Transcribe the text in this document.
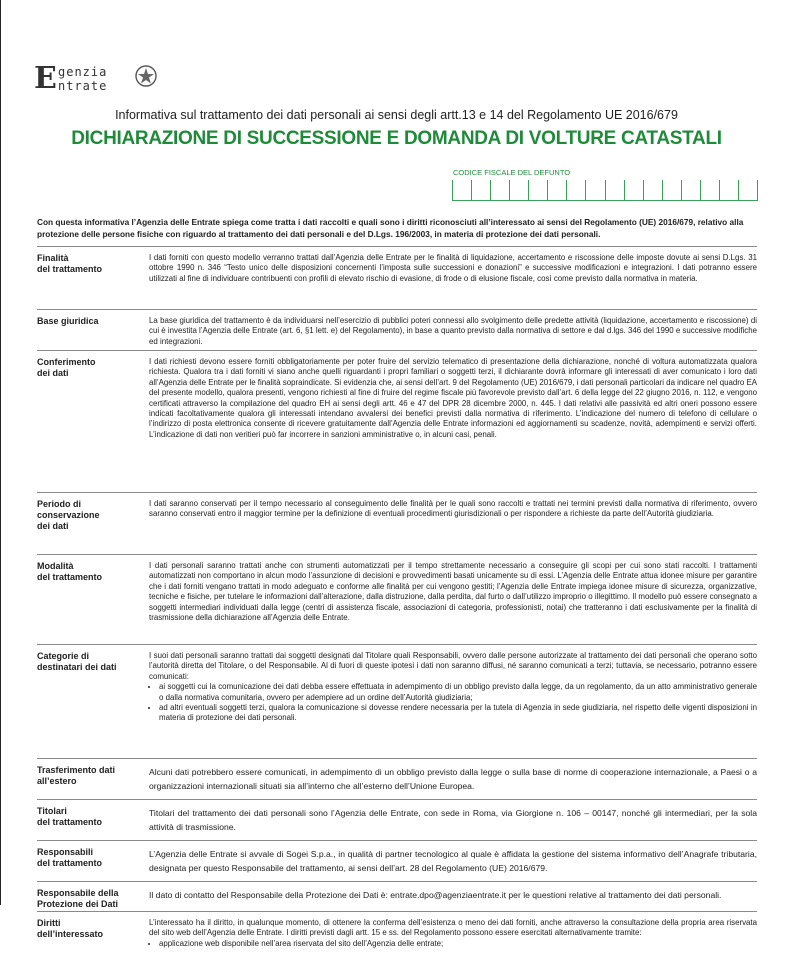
E genzia
ntrate
Informativa sul trattamento dei dati personali ai sensi degli artt.13 e 14 del Regolamento UE 2016/679
DICHIARAZIONE DI SUCCESSIONE E DOMANDA DI VOLTURE CATASTALI
CODICE FISCALE DEL DEFUNTO
Con questa informativa l’Agenzia delle Entrate spiega come tratta i dati raccolti e quali sono i diritti riconosciuti all’interessato ai sensi del Regolamento (UE) 2016/679, relativo alla protezione delle persone fisiche con riguardo al trattamento dei dati personali e del D.Lgs. 196/2003, in materia di protezione dei dati personali.
Finalità
del trattamento
I dati forniti con questo modello verranno trattati dall’Agenzia delle Entrate per le finalità di liquidazione, accertamento e riscossione delle imposte dovute ai sensi D.Lgs. 31 ottobre 1990 n. 346 “Testo unico delle disposizioni concernenti l’imposta sulle successioni e donazioni” e successive modificazioni e integrazioni. I dati potranno essere utilizzati al fine di individuare contribuenti con profili di elevato rischio di evasione, di frode o di elusione fiscale, così come previsto dalla normativa in materia.
Base giuridica	La base giuridica del trattamento è da individuarsi nell’esercizio di pubblici poteri connessi allo svolgimento delle predette attività (liquidazione, accertamento e riscossione) di cui è investita l’Agenzia delle Entrate (art. 6, §1 lett. e) del Regolamento), in base a quanto previsto dalla normativa di settore e dal d.lgs. 346 del 1990 e successive modifiche ed integrazioni.
Conferimento
dei dati
I dati richiesti devono essere forniti obbligatoriamente per poter fruire del servizio telematico di presentazione della dichiarazione, nonché di voltura automatizzata qualora richiesta. Qualora tra i dati forniti vi siano anche quelli riguardanti i propri familiari o soggetti terzi, il dichiarante dovrà informare gli interessati di aver comunicato i loro dati all’Agenzia delle Entrate per le finalità sopraindicate. Si evidenzia che, ai sensi dell’art. 9 del Regolamento (UE) 2016/679, i dati personali particolari da indicare nel quadro EA del presente modello, qualora presenti, vengono richiesti al fine di fruire del regime fiscale più favorevole previsto dall’art. 6 della legge del 22 giugno 2016, n. 112, e vengono certificati attraverso la compilazione del quadro EH ai sensi degli artt. 46 e 47 del DPR 28 dicembre 2000, n. 445. I dati relativi alle passività ed altri oneri possono essere indicati facoltativamente qualora gli interessati intendano avvalersi dei benefici previsti dalla normativa di riferimento. L’indicazione del numero di telefono di cellulare o l’indirizzo di posta elettronica consente di ricevere gratuitamente dall’Agenzia delle Entrate informazioni ed aggiornamenti su scadenze, novità, adempimenti e servizi offerti. L’indicazione di dati non veritieri può far incorrere in sanzioni amministrative o, in alcuni casi, penali.
Periodo di
conservazione
dei dati
I dati saranno conservati per il tempo necessario al conseguimento delle finalità per le quali sono raccolti e trattati nei termini previsti dalla normativa di riferimento, ovvero saranno conservati entro il maggior termine per la definizione di eventuali procedimenti giurisdizionali o per rispondere a richieste da parte dell’Autorità giudiziaria.
Modalità
del trattamento
I dati personali saranno trattati anche con strumenti automatizzati per il tempo strettamente necessario a conseguire gli scopi per cui sono stati raccolti. I trattamenti automatizzati non comportano in alcun modo l’assunzione di decisioni e provvedimenti basati unicamente su di essi. L’Agenzia delle Entrate attua idonee misure per garantire che i dati forniti vengano trattati in modo adeguato e conforme alle finalità per cui vengono gestiti; l’Agenzia delle Entrate impiega idonee misure di sicurezza, organizzative, tecniche e fisiche, per tutelare le informazioni dall’alterazione, dalla distruzione, dalla perdita, dal furto o dall’utilizzo improprio o illegittimo. Il modello può essere consegnato a soggetti intermediari individuati dalla legge (centri di assistenza fiscale, associazioni di categoria, professionisti, notai) che tratteranno i dati esclusivamente per la finalità di trasmissione della dichiarazione all’Agenzia delle Entrate.
Categorie di
destinatari dei dati
I suoi dati personali saranno trattati dai soggetti designati dal Titolare quali Responsabili, ovvero dalle persone autorizzate al trattamento dei dati personali che operano sotto l’autorità diretta del Titolare, o del Responsabile. Al di fuori di queste ipotesi i dati non saranno diffusi, né saranno comunicati a terzi; tuttavia, se necessario, potranno essere comunicati:
• ai soggetti cui la comunicazione dei dati debba essere effettuata in adempimento di un obbligo previsto dalla legge, da un regolamento, da un atto amministrativo generale o dalla normativa comunitaria, ovvero per adempiere ad un ordine dell’Autorità giudiziaria;
• ad altri eventuali soggetti terzi, qualora la comunicazione si dovesse rendere necessaria per la tutela di Agenzia in sede giudiziaria, nel rispetto delle vigenti disposizioni in materia di protezione dei dati personali.
Trasferimento dati
all’estero
Alcuni dati potrebbero essere comunicati, in adempimento di un obbligo previsto dalla legge o sulla base di norme di cooperazione internazionale, a Paesi o a organizzazioni internazionali situati sia all’interno che all’esterno dell’Unione Europea.
Titolari
del trattamento
Titolari del trattamento dei dati personali sono l’Agenzia delle Entrate, con sede in Roma, via Giorgione n. 106 – 00147, nonché gli intermediari, per la sola attività di trasmissione.
Responsabili
del trattamento
L’Agenzia delle Entrate si avvale di Sogei S.p.a., in qualità di partner tecnologico al quale è affidata la gestione del sistema informativo dell’Anagrafe tributaria, designata per questo Responsabile del trattamento, ai sensi dell’art. 28 del Regolamento (UE) 2016/679.
Responsabile della
Protezione dei Dati
Il dato di contatto del Responsabile della Protezione dei Dati è: entrate.dpo@agenziaentrate.it per le questioni relative al trattamento dei dati personali.
Diritti
dell’interessato
L’interessato ha il diritto, in qualunque momento, di ottenere la conferma dell’esistenza o meno dei dati forniti, anche attraverso la consultazione della propria area riservata del sito web dell’Agenzia delle Entrate. I diritti previsti dagli artt. 15 e ss. del Regolamento possono essere esercitati alternativamente tramite:
• applicazione web disponibile nell’area riservata del sito dell’Agenzia delle entrate;
